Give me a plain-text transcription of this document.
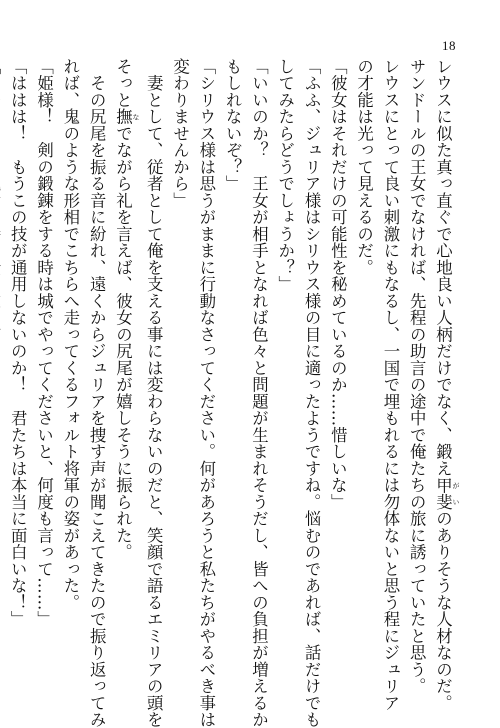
18
レウスに似た真っ直ぐで心地良い人柄だけでなく、鍛え甲斐 がいのありそうな人材なのだ。
サンドールの王女でなければ、先程の助言の途中で俺たちの旅に誘っていたと思う。
レウスにとって良い刺激にもなるし、一国で埋もれるには勿体ないと思う程にジュリア
の才能は光って見えるのだ。
「彼女はそれだけの可能性を秘めているのか……惜しいな」
「ふふ、ジュリア様はシリウス様の目に適ったようですね。悩むのであれば、話だけでも
してみたらどうでしょうか？」
「いいのか？　王女が相手となれば色々と問題が生まれそうだし、皆への負担が増えるか
もしれないぞ？」
「シリウス様は思うがままに行動なさってください。何があろうと私たちがやるべき事は
変わりませんから」
　妻として、従者として俺を支える事には変わらないのだと、笑顔で語るエミリアの頭を
そっと撫 なでながら礼を言えば、彼女の尻尾が嬉しそうに振られた。
　その尻尾を振る音に紛れ、遠くからジュリアを捜す声が聞こえてきたので振り返ってみ
れば、鬼のような形相でこちらへ走ってくるフォルト将軍の姿があった。
「姫様！　剣の鍛錬をする時は城でやってくださいと、何度も言って……」
「ははは！　もうこの技が通用しないのか！　君たちは本当に面白いな！」
